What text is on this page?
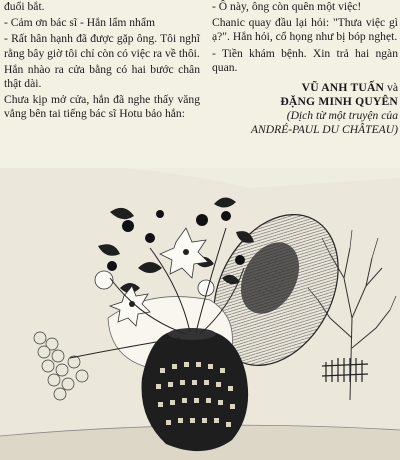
đuổi bắt.

- Cảm ơn bác sĩ - Hắn lẩm nhẩm

- Rất hân hạnh đã được gặp ông. Tôi nghĩ rằng bây giờ tôi chỉ còn có việc ra về thôi.

Hắn nhào ra cửa bằng có hai bước chân thật dài.

Chưa kịp mở cửa, hắn đã nghe thấy văng vẳng bên tai tiếng bác sĩ Hotu bảo hắn:

- Ô này, ông còn quên một việc!

Chanic quay đầu lại hỏi: "Thưa việc gì ạ?". Hắn hỏi, cổ họng như bị bóp nghẹt.

- Tiền khám bệnh. Xin trả hai ngàn quan.

VŨ ANH TUẤN và
ĐẶNG MINH QUYÊN
(Dịch từ một truyện của
ANDRÉ-PAUL DU CHÂTEAU)
